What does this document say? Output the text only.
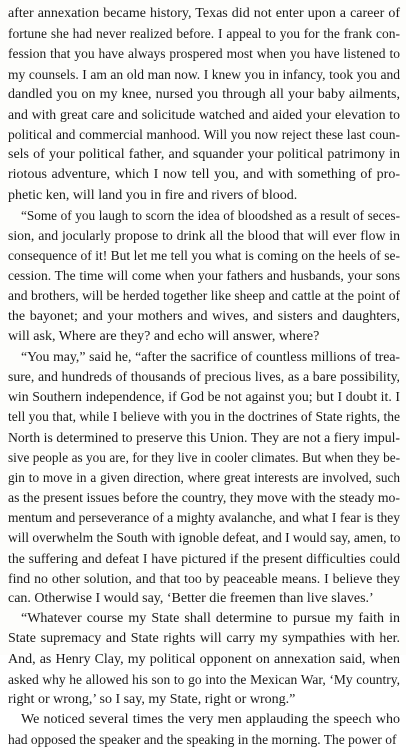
after annexation became history, Texas did not enter upon a career of
fortune she had never realized before. I appeal to you for the frank con-
fession that you have always prospered most when you have listened to
my counsels. I am an old man now. I knew you in infancy, took you and
dandled you on my knee, nursed you through all your baby ailments,
and with great care and solicitude watched and aided your elevation to
political and commercial manhood. Will you now reject these last coun-
sels of your political father, and squander your political patrimony in
riotous adventure, which I now tell you, and with something of pro-
phetic ken, will land you in fire and rivers of blood.
“Some of you laugh to scorn the idea of bloodshed as a result of seces-
sion, and jocularly propose to drink all the blood that will ever flow in
consequence of it! But let me tell you what is coming on the heels of se-
cession. The time will come when your fathers and husbands, your sons
and brothers, will be herded together like sheep and cattle at the point of
the bayonet; and your mothers and wives, and sisters and daughters,
will ask, Where are they? and echo will answer, where?
“You may,” said he, “after the sacrifice of countless millions of trea-
sure, and hundreds of thousands of precious lives, as a bare possibility,
win Southern independence, if God be not against you; but I doubt it. I
tell you that, while I believe with you in the doctrines of State rights, the
North is determined to preserve this Union. They are not a fiery impul-
sive people as you are, for they live in cooler climates. But when they be-
gin to move in a given direction, where great interests are involved, such
as the present issues before the country, they move with the steady mo-
mentum and perseverance of a mighty avalanche, and what I fear is they
will overwhelm the South with ignoble defeat, and I would say, amen, to
the suffering and defeat I have pictured if the present difficulties could
find no other solution, and that too by peaceable means. I believe they
can. Otherwise I would say, ‘Better die freemen than live slaves.’
“Whatever course my State shall determine to pursue my faith in
State supremacy and State rights will carry my sympathies with her.
And, as Henry Clay, my political opponent on annexation said, when
asked why he allowed his son to go into the Mexican War, ‘My country,
right or wrong,’ so I say, my State, right or wrong.”
We noticed several times the very men applauding the speech who
had opposed the speaker and the speaking in the morning. The power of
